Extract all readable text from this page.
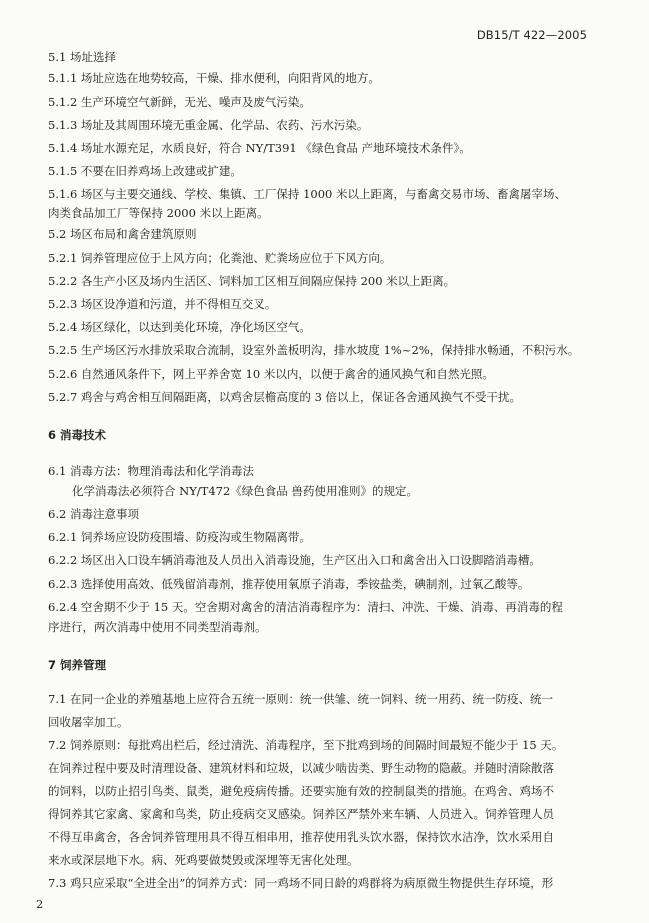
DB15/T 422—2005
5.1 场址选择
5.1.1 场址应选在地势较高，干燥、排水便利，向阳背风的地方。
5.1.2 生产环境空气新鲜，无光、噪声及废气污染。
5.1.3 场址及其周围环境无重金属、化学品、农药、污水污染。
5.1.4 场址水源充足，水质良好，符合 NY/T391 《绿色食品 产地环境技术条件》。
5.1.5 不要在旧养鸡场上改建或扩建。
5.1.6 场区与主要交通线、学校、集镇、工厂保持 1000 米以上距离，与畜禽交易市场、畜禽屠宰场、
肉类食品加工厂等保持 2000 米以上距离。
5.2 场区布局和禽舍建筑原则
5.2.1 饲养管理应位于上风方向；化粪池、贮粪场应位于下风方向。
5.2.2 各生产小区及场内生活区、饲料加工区相互间隔应保持 200 米以上距离。
5.2.3 场区设净道和污道，并不得相互交叉。
5.2.4 场区绿化，以达到美化环境，净化场区空气。
5.2.5 生产场区污水排放采取合流制，设室外盖板明沟，排水坡度 1%~2%，保持排水畅通，不积污水。
5.2.6 自然通风条件下，网上平养舍宽 10 米以内，以便于禽舍的通风换气和自然光照。
5.2.7 鸡舍与鸡舍相互间隔距离，以鸡舍层檐高度的 3 倍以上，保证各舍通风换气不受干扰。
6 消毒技术
6.1 消毒方法：物理消毒法和化学消毒法
化学消毒法必须符合 NY/T472《绿色食品 兽药使用准则》的规定。
6.2 消毒注意事项
6.2.1 饲养场应设防疫围墙、防疫沟或生物隔离带。
6.2.2 场区出入口设车辆消毒池及人员出入消毒设施，生产区出入口和禽舍出入口设脚踏消毒槽。
6.2.3 选择使用高效、低残留消毒剂，推荐使用氧原子消毒，季铵盐类，碘制剂，过氧乙酸等。
6.2.4 空舍期不少于 15 天。空舍期对禽舍的清洁消毒程序为：清扫、冲洗、干燥、消毒、再消毒的程
序进行，两次消毒中使用不同类型消毒剂。
7 饲养管理
7.1 在同一企业的养殖基地上应符合五统一原则：统一供雏、统一饲料、统一用药、统一防疫、统一
回收屠宰加工。
7.2 饲养原则：每批鸡出栏后，经过清洗、消毒程序，至下批鸡到场的间隔时间最短不能少于 15 天。
在饲养过程中要及时清理设备、建筑材料和垃圾，以减少啮齿类、野生动物的隐蔽。并随时清除散落
的饲料，以防止招引鸟类、鼠类，避免疫病传播。还要实施有效的控制鼠类的措施。在鸡舍、鸡场不
得饲养其它家禽、家禽和鸟类，防止疫病交叉感染。饲养区严禁外来车辆、人员进入。饲养管理人员
不得互串禽舍，各舍饲养管理用具不得互相串用，推荐使用乳头饮水器，保持饮水洁净，饮水采用自
来水或深层地下水。病、死鸡要做焚毁或深埋等无害化处理。
7.3 鸡只应采取“全进全出”的饲养方式：同一鸡场不同日龄的鸡群将为病原微生物提供生存环境，形
2
